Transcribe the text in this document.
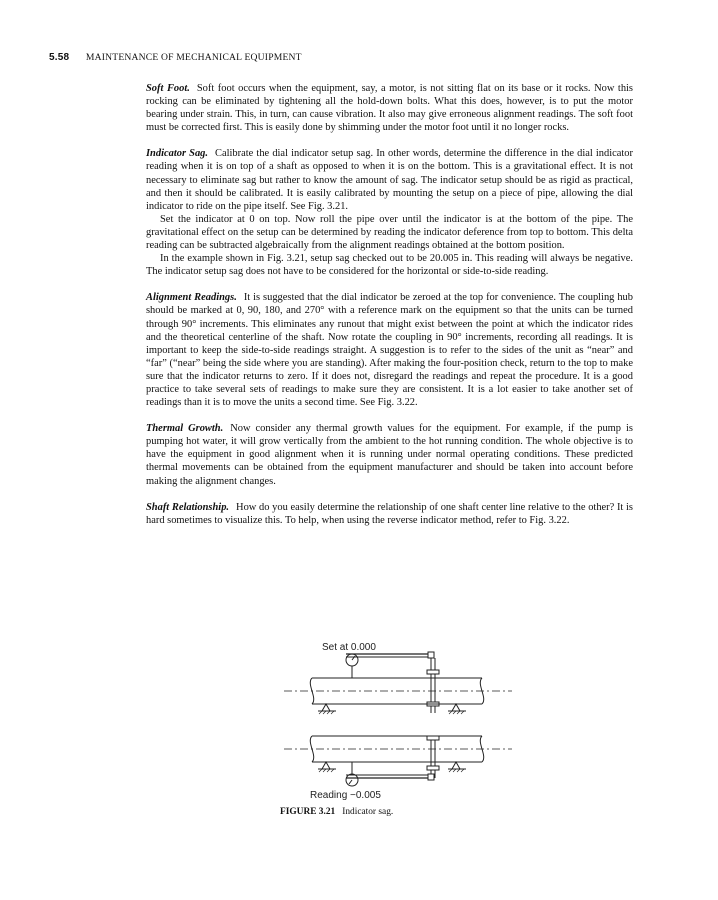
5.58 MAINTENANCE OF MECHANICAL EQUIPMENT

Soft Foot. Soft foot occurs when the equipment, say, a motor, is not sitting flat on its base or it rocks. Now this rocking can be eliminated by tightening all the hold-down bolts. What this does, however, is to put the motor bearing under strain. This, in turn, can cause vibration. It also may give erroneous alignment readings. The soft foot must be corrected first. This is easily done by shimming under the motor foot until it no longer rocks.

Indicator Sag. Calibrate the dial indicator setup sag. In other words, determine the difference in the dial indicator reading when it is on top of a shaft as opposed to when it is on the bottom. This is a gravitational effect. It is not necessary to eliminate sag but rather to know the amount of sag. The indicator setup should be as rigid as practical, and then it should be calibrated. It is easily calibrated by mounting the setup on a piece of pipe, allowing the dial indicator to ride on the pipe itself. See Fig. 3.21.

Set the indicator at 0 on top. Now roll the pipe over until the indicator is at the bottom of the pipe. The gravitational effect on the setup can be determined by reading the indicator deference from top to bottom. This delta reading can be subtracted algebraically from the alignment readings obtained at the bottom position.

In the example shown in Fig. 3.21, setup sag checked out to be 20.005 in. This reading will always be negative. The indicator setup sag does not have to be considered for the horizontal or side-to-side reading.

Alignment Readings. It is suggested that the dial indicator be zeroed at the top for convenience. The coupling hub should be marked at 0, 90, 180, and 270° with a reference mark on the equipment so that the units can be turned through 90° increments. This eliminates any runout that might exist between the point at which the indicator rides and the theoretical centerline of the shaft. Now rotate the coupling in 90° increments, recording all readings. It is important to keep the side-to-side readings straight. A suggestion is to refer to the sides of the unit as “near” and “far” (“near” being the side where you are standing). After making the four-position check, return to the top to make sure that the indicator returns to zero. If it does not, disregard the readings and repeat the procedure. It is a good practice to take several sets of readings to make sure they are consistent. It is a lot easier to take another set of readings than it is to move the units a second time. See Fig. 3.22.

Thermal Growth. Now consider any thermal growth values for the equipment. For example, if the pump is pumping hot water, it will grow vertically from the ambient to the hot running condition. The whole objective is to have the equipment in good alignment when it is running under normal operating conditions. These predicted thermal movements can be obtained from the equipment manufacturer and should be taken into account before making the alignment changes.

Shaft Relationship. How do you easily determine the relationship of one shaft center line relative to the other? It is hard sometimes to visualize this. To help, when using the reverse indicator method, refer to Fig. 3.22.

Set at 0.000
Reading −0.005
FIGURE 3.21 Indicator sag.
